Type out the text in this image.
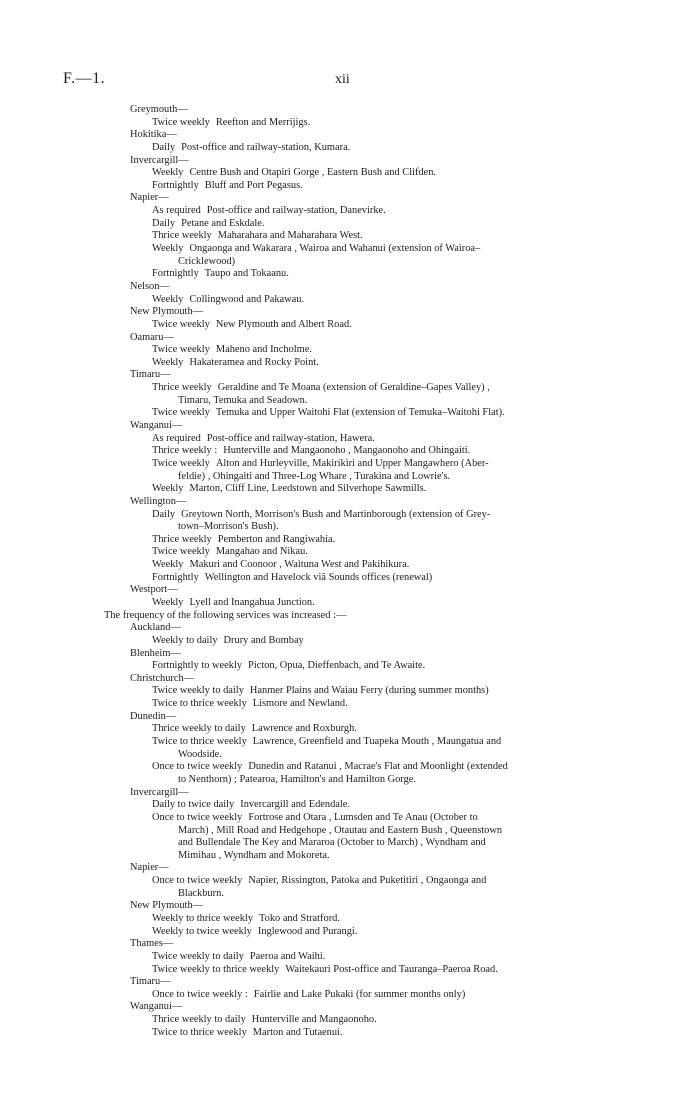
F.—1.	xii
Greymouth—
Twice weekly Reefton and Merrijigs.
Hokitika—
Daily Post-office and railway-station, Kumara.
Invercargill—
Weekly Centre Bush and Otapiri Gorge , Eastern Bush and Clifden.
Fortnightly Bluff and Port Pegasus.
Napier—
As required Post-office and railway-station, Danevirke.
Daily Petane and Eskdale.
Thrice weekly Maharahara and Maharahara West.
Weekly Ongaonga and Wakarara , Wairoa and Wahanui (extension of Wairoa–
Cricklewood)
Fortnightly Taupo and Tokaanu.
Nelson—
Weekly Collingwood and Pakawau.
New Plymouth—
Twice weekly New Plymouth and Albert Road.
Oamaru—
Twice weekly Maheno and Incholme.
Weekly Hakateramea and Rocky Point.
Timaru—
Thrice weekly Geraldine and Te Moana (extension of Geraldine–Gapes Valley) ,
Timaru, Temuka and Seadown.
Twice weekly Temuka and Upper Waitohi Flat (extension of Temuka–Waitohi Flat).
Wanganui—
As required Post-office and railway-station, Hawera.
Thrice weekly : Hunterville and Mangaonoho , Mangaonoho and Ohingaiti.
Twice weekly Alton and Hurleyville, Makirikiri and Upper Mangawhero (Aber-
feldie) , Ohingaiti and Three-Log Whare , Turakina and Lowrie's.
Weekly Marton, Cliff Line, Leedstown and Silverhope Sawmills.
Wellington—
Daily Greytown North, Morrison's Bush and Martinborough (extension of Grey-
town–Morrison's Bush).
Thrice weekly Pemberton and Rangiwahia.
Twice weekly Mangahao and Nikau.
Weekly Makuri and Coonoor , Waituna West and Pakihikura.
Fortnightly Wellington and Havelock viâ Sounds offices (renewal)
Westport—
Weekly Lyell and Inangahua Junction.
The frequency of the following services was increased :—
Auckland—
Weekly to daily Drury and Bombay
Blenheim—
Fortnightly to weekly Picton, Opua, Dieffenbach, and Te Awaite.
Christchurch—
Twice weekly to daily Hanmer Plains and Waiau Ferry (during summer months)
Twice to thrice weekly Lismore and Newland.
Dunedin—
Thrice weekly to daily Lawrence and Roxburgh.
Twice to thrice weekly Lawrence, Greenfield and Tuapeka Mouth , Maungatua and
Woodside.
Once to twice weekly Dunedin and Ratanui , Macrae's Flat and Moonlight (extended
to Nenthorn) ; Patearoa, Hamilton's and Hamilton Gorge.
Invercargill—
Daily to twice daily Invercargill and Edendale.
Once to twice weekly Fortrose and Otara , Lumsden and Te Anau (October to
March) , Mill Road and Hedgehope , Otautau and Eastern Bush , Queenstown
and Bullendale The Key and Mararoa (October to March) , Wyndham and
Mimihau , Wyndham and Mokoreta.
Napier—
Once to twice weekly Napier, Rissington, Patoka and Puketitiri , Ongaonga and
Blackburn.
New Plymouth—
Weekly to thrice weekly Toko and Stratford.
Weekly to twice weekly Inglewood and Purangi.
Thames—
Twice weekly to daily Paeroa and Waihi.
Twice weekly to thrice weekly Waitekauri Post-office and Tauranga–Paeroa Road.
Timaru—
Once to twice weekly : Fairlie and Lake Pukaki (for summer months only)
Wanganui—
Thrice weekly to daily Hunterville and Mangaonoho.
Twice to thrice weekly Marton and Tutaenui.
